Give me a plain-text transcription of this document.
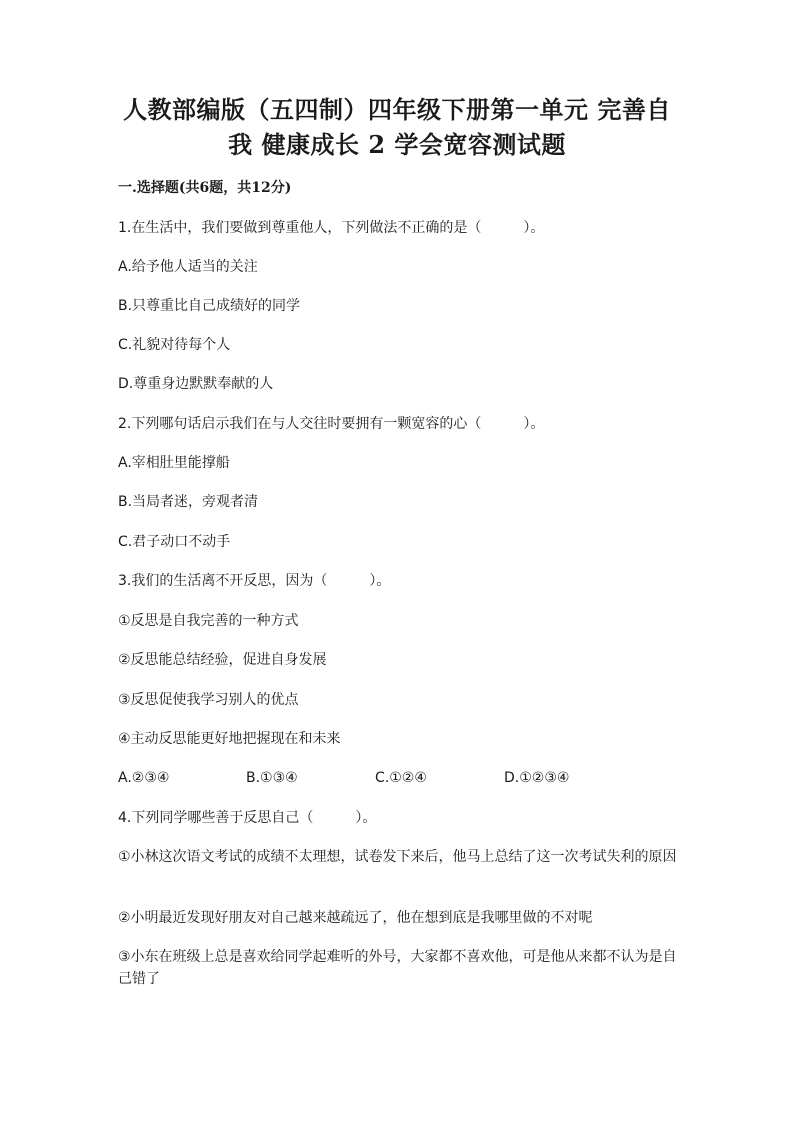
人教部编版（五四制）四年级下册第一单元 完善自
我 健康成长 2 学会宽容测试题
一.选择题(共6题，共12分)
1.在生活中，我们要做到尊重他人，下列做法不正确的是（　　　）。
A.给予他人适当的关注
B.只尊重比自己成绩好的同学
C.礼貌对待每个人
D.尊重身边默默奉献的人
2.下列哪句话启示我们在与人交往时要拥有一颗宽容的心（　　　）。
A.宰相肚里能撑船
B.当局者迷，旁观者清
C.君子动口不动手
3.我们的生活离不开反思，因为（　　　）。
①反思是自我完善的一种方式
②反思能总结经验，促进自身发展
③反思促使我学习别人的优点
④主动反思能更好地把握现在和未来
A.②③④	B.①③④	C.①②④	D.①②③④
4.下列同学哪些善于反思自己（　　　）。
①小林这次语文考试的成绩不太理想，试卷发下来后，他马上总结了这一次考试失利的原因
②小明最近发现好朋友对自己越来越疏远了，他在想到底是我哪里做的不对呢
③小东在班级上总是喜欢给同学起难听的外号，大家都不喜欢他，可是他从来都不认为是自己错了
